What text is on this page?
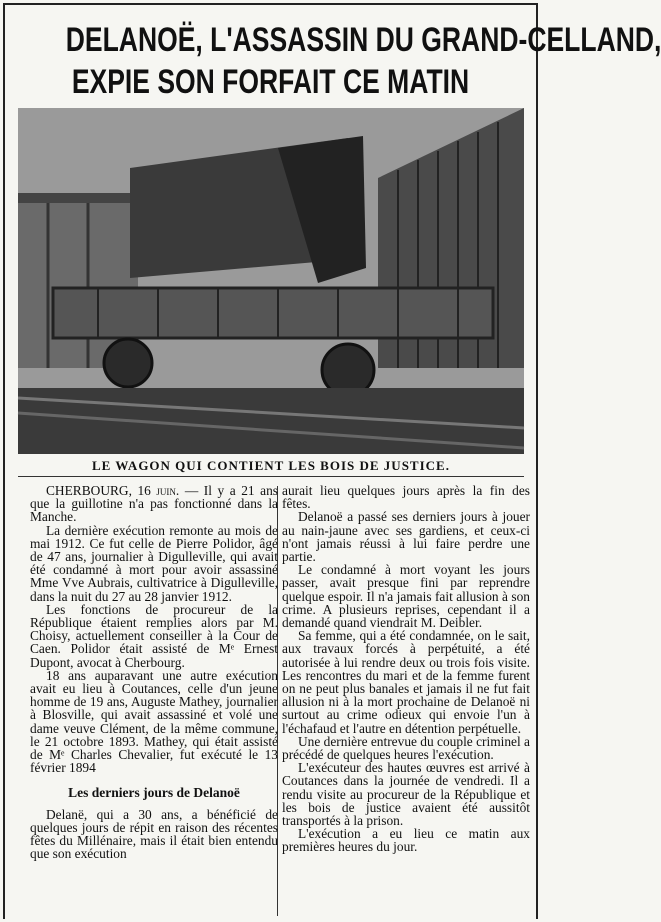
DELANOË, L'ASSASSIN DU GRAND-CELLAND,
EXPIE SON FORFAIT CE MATIN
LE WAGON QUI CONTIENT LES BOIS DE JUSTICE.

CHERBOURG, 16 juin. — Il y a 21 ans que la guillotine n'a pas fonctionné dans la Manche.

La dernière exécution remonte au mois de mai 1912. Ce fut celle de Pierre Polidor, âgé de 47 ans, journalier à Digulleville, qui avait été condamné à mort pour avoir assassiné Mme Vve Aubrais, cultivatrice à Digulleville, dans la nuit du 27 au 28 janvier 1912.

Les fonctions de procureur de la République étaient remplies alors par M. Choisy, actuellement conseiller à la Cour de Caen. Polidor était assisté de Mᵉ Ernest Dupont, avocat à Cherbourg.

18 ans auparavant une autre exécution avait eu lieu à Coutances, celle d'un jeune homme de 19 ans, Auguste Mathey, journalier à Blosville, qui avait assassiné et volé une dame veuve Clément, de la même commune, le 21 octobre 1893. Mathey, qui était assisté de Mᵉ Charles Chevalier, fut exécuté le 13 février 1894

Les derniers jours de Delanoë

Delanë, qui a 30 ans, a bénéficié de quelques jours de répit en raison des récentes fêtes du Millénaire, mais il était bien entendu que son exécution

aurait lieu quelques jours après la fin des fêtes.

Delanoë a passé ses derniers jours à jouer au nain-jaune avec ses gardiens, et ceux-ci n'ont jamais réussi à lui faire perdre une partie.

Le condamné à mort voyant les jours passer, avait presque fini par reprendre quelque espoir. Il n'a jamais fait allusion à son crime. A plusieurs reprises, cependant il a demandé quand viendrait M. Deibler.

Sa femme, qui a été condamnée, on le sait, aux travaux forcés à perpétuité, a été autorisée à lui rendre deux ou trois fois visite. Les rencontres du mari et de la femme furent on ne peut plus banales et jamais il ne fut fait allusion ni à la mort prochaine de Delanoë ni surtout au crime odieux qui envoie l'un à l'échafaud et l'autre en détention perpétuelle.

Une dernière entrevue du couple criminel a précédé de quelques heures l'exécution.

L'exécuteur des hautes œuvres est arrivé à Coutances dans la journée de vendredi. Il a rendu visite au procureur de la République et les bois de justice avaient été aussitôt transportés à la prison.

L'exécution a eu lieu ce matin aux premières heures du jour.
